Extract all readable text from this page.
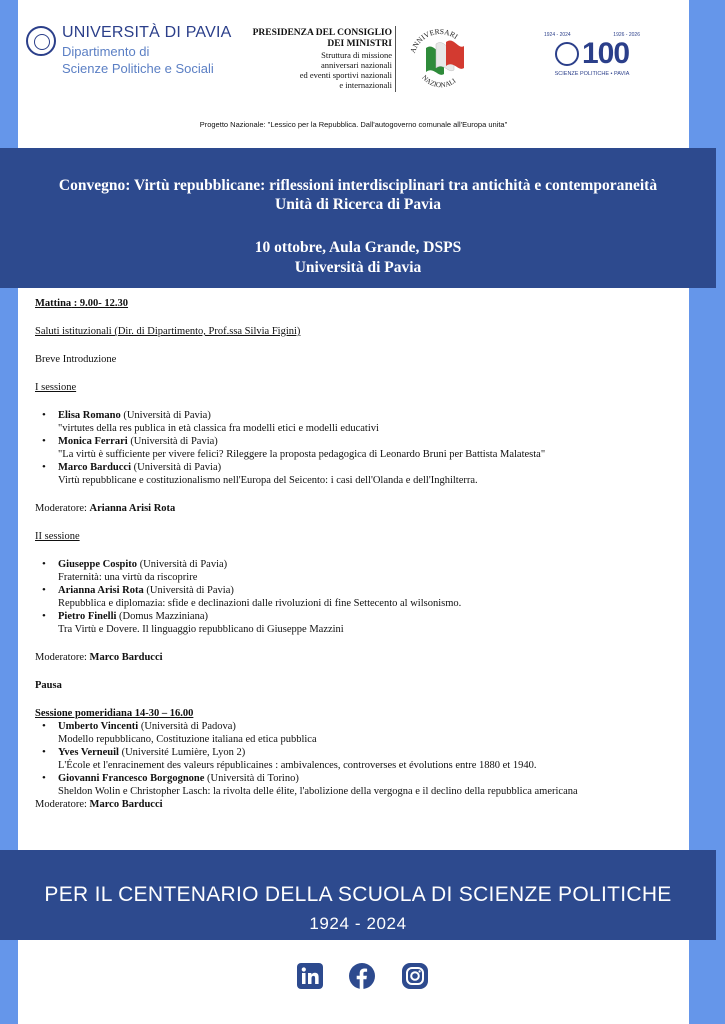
UNIVERSITÀ DI PAVIA
Dipartimento di
Scienze Politiche e Sociali
PRESIDENZA DEL CONSIGLIO
DEI MINISTRI
Struttura di missione
anniversari nazionali
ed eventi sportivi nazionali
e internazionali
ANNIVERSARI
NAZIONALI
1924 - 2024	1926 - 2026
100
SCIENZE POLITICHE • PAVIA
Progetto Nazionale: "Lessico per la Repubblica. Dall'autogoverno comunale all'Europa unita"
Convegno: Virtù repubblicane: riflessioni interdisciplinari tra antichità e contemporaneità
Unità di Ricerca di Pavia
10 ottobre, Aula Grande, DSPS
Università di Pavia

Mattina : 9.00- 12.30

Saluti istituzionali (Dir. di Dipartimento, Prof.ssa Silvia Figini)

Breve Introduzione

I sessione

• Elisa Romano (Università di Pavia)
"virtutes della res publica in età classica fra modelli etici e modelli educativi
• Monica Ferrari (Università di Pavia)
"La virtù è sufficiente per vivere felici? Rileggere la proposta pedagogica di Leonardo Bruni per Battista Malatesta"
• Marco Barducci (Università di Pavia)
Virtù repubblicane e costituzionalismo nell'Europa del Seicento: i casi dell'Olanda e dell'Inghilterra.

Moderatore: Arianna Arisi Rota

II sessione

• Giuseppe Cospito (Università di Pavia)
Fraternità: una virtù da riscoprire
• Arianna Arisi Rota (Università di Pavia)
Repubblica e diplomazia: sfide e declinazioni dalle rivoluzioni di fine Settecento al wilsonismo.
• Pietro Finelli (Domus Mazziniana)
Tra Virtù e Dovere. Il linguaggio repubblicano di Giuseppe Mazzini

Moderatore: Marco Barducci

Pausa

Sessione pomeridiana 14-30 – 16.00

• Umberto Vincenti (Università di Padova)
Modello repubblicano, Costituzione italiana ed etica pubblica
• Yves Verneuil (Université Lumière, Lyon 2)
L'École et l'enracinement des valeurs républicaines : ambivalences, controverses et évolutions entre 1880 et 1940.
• Giovanni Francesco Borgognone (Università di Torino)
Sheldon Wolin e Christopher Lasch: la rivolta delle élite, l'abolizione della vergogna e il declino della repubblica americana

Moderatore: Marco Barducci

PER IL CENTENARIO DELLA SCUOLA DI SCIENZE POLITICHE
1924 - 2024
